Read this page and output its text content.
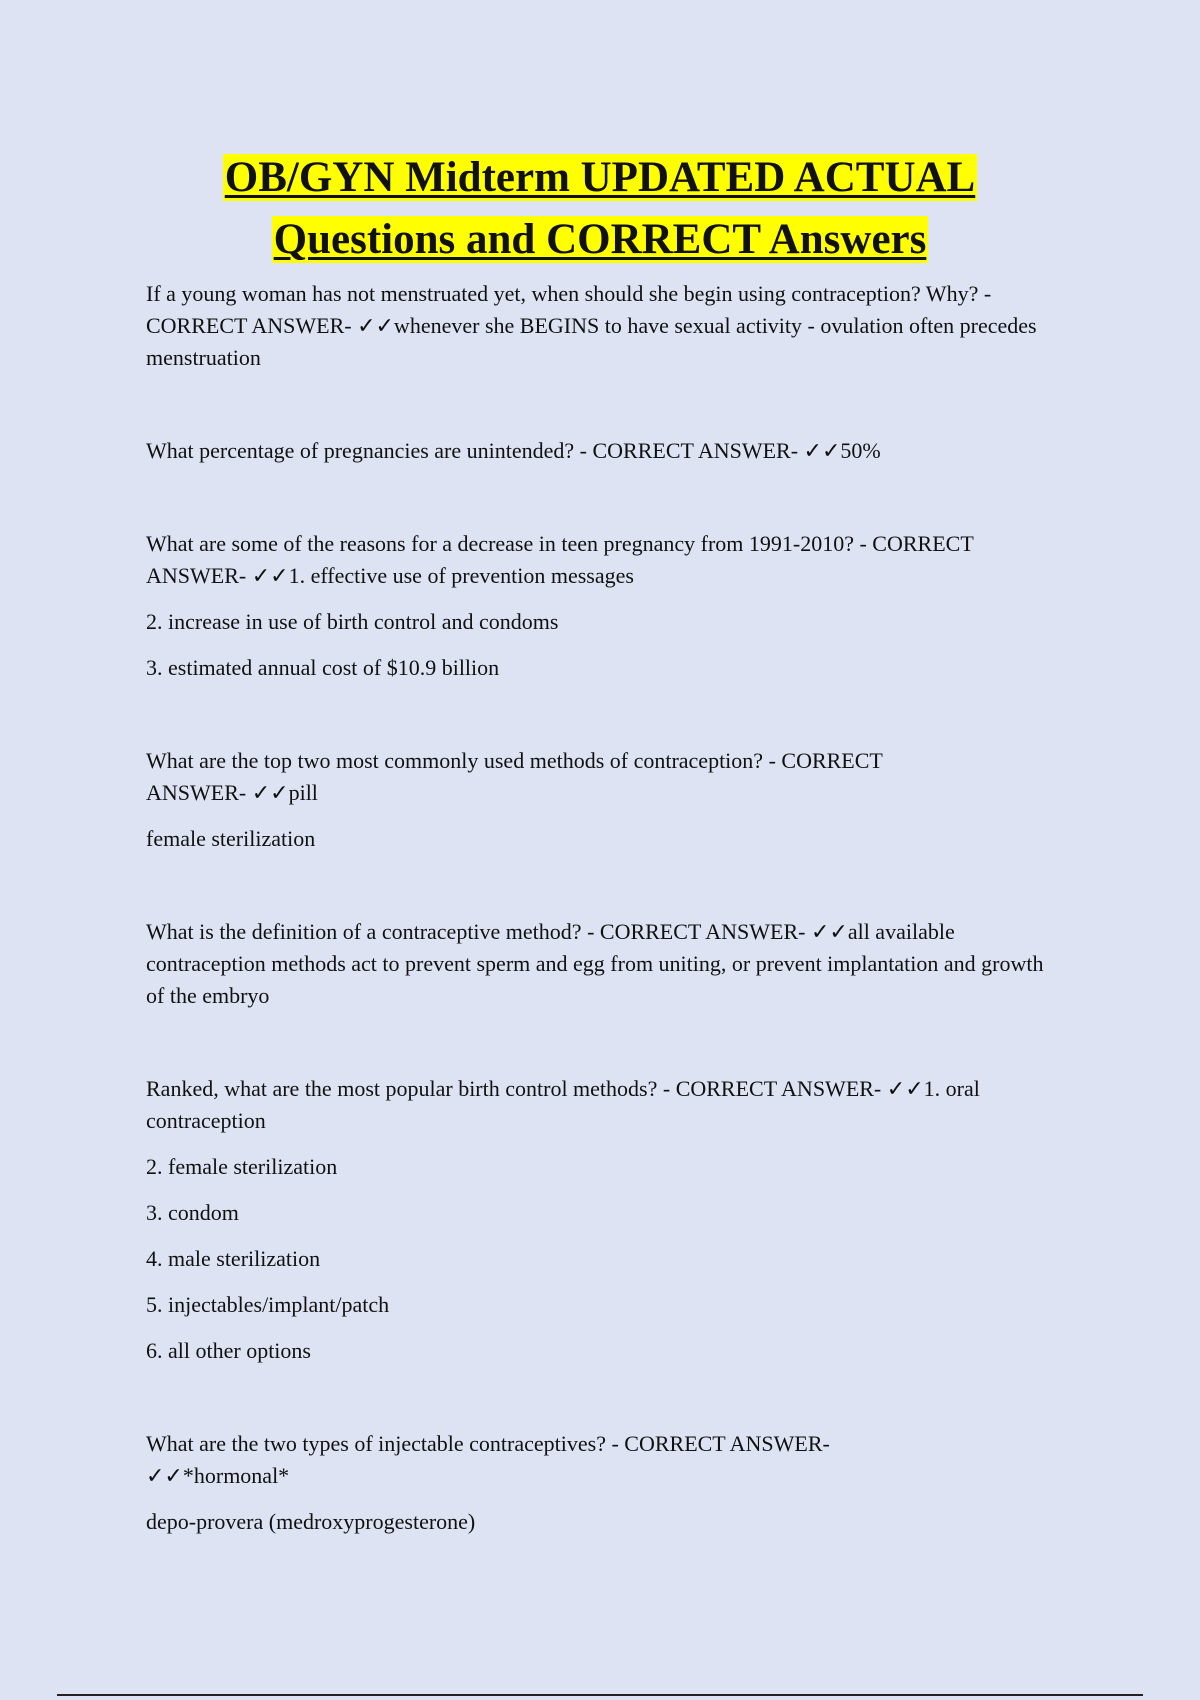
OB/GYN Midterm UPDATED ACTUAL
Questions and CORRECT Answers

If a young woman has not menstruated yet, when should she begin using contraception? Why? - CORRECT ANSWER- ✓✓whenever she BEGINS to have sexual activity - ovulation often precedes menstruation

What percentage of pregnancies are unintended? - CORRECT ANSWER- ✓✓50%

What are some of the reasons for a decrease in teen pregnancy from 1991-2010? - CORRECT ANSWER- ✓✓1. effective use of prevention messages

2. increase in use of birth control and condoms

3. estimated annual cost of $10.9 billion

What are the top two most commonly used methods of contraception? - CORRECT ANSWER- ✓✓pill

female sterilization

What is the definition of a contraceptive method? - CORRECT ANSWER- ✓✓all available contraception methods act to prevent sperm and egg from uniting, or prevent implantation and growth of the embryo

Ranked, what are the most popular birth control methods? - CORRECT ANSWER- ✓✓1. oral contraception

2. female sterilization

3. condom

4. male sterilization

5. injectables/implant/patch

6. all other options

What are the two types of injectable contraceptives? - CORRECT ANSWER- ✓✓*hormonal*

depo-provera (medroxyprogesterone)
